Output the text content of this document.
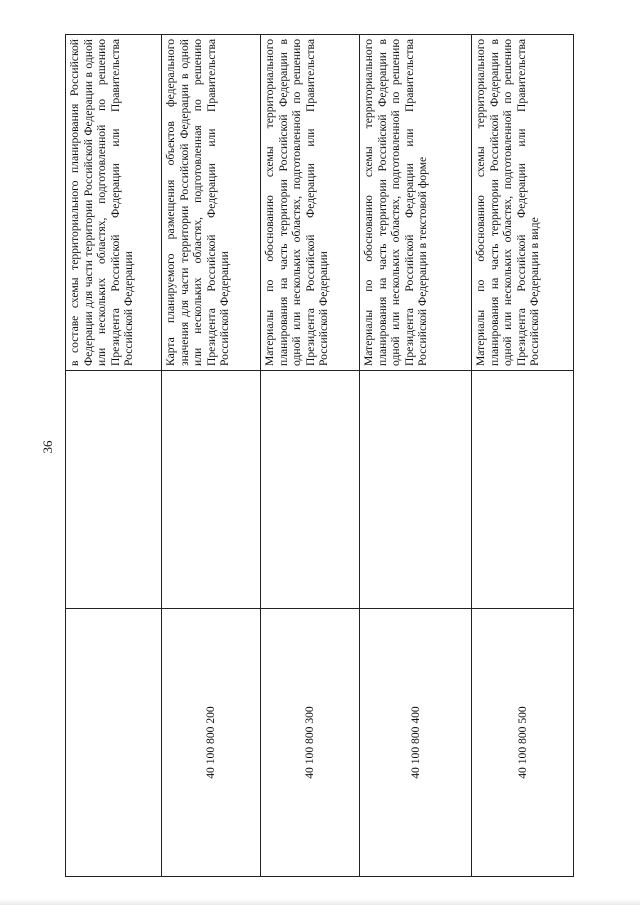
36
		в составе схемы территориального планирования Российской Федерации для части территории Российской Федерации в одной или нескольких областях, подготовленной по решению Президента Российской Федерации или Правительства Российской Федерации
40 100 800 200		Карта планируемого размещения объектов федерального значения для части территории Российской Федерации в одной или нескольких областях, подготовленная по решению Президента Российской Федерации или Правительства Российской Федерации
40 100 800 300		Материалы по обоснованию схемы территориального планирования на часть территории Российской Федерации в одной или нескольких областях, подготовленной по решению Президента Российской Федерации или Правительства Российской Федерации
40 100 800 400		Материалы по обоснованию схемы территориального планирования на часть территории Российской Федерации в одной или нескольких областях, подготовленной по решению Президента Российской Федерации или Правительства Российской Федерации в текстовой форме
40 100 800 500		Материалы по обоснованию схемы территориального планирования на часть территории Российской Федерации в одной или нескольких областях, подготовленной по решению Президента Российской Федерации или Правительства Российской Федерации в виде
